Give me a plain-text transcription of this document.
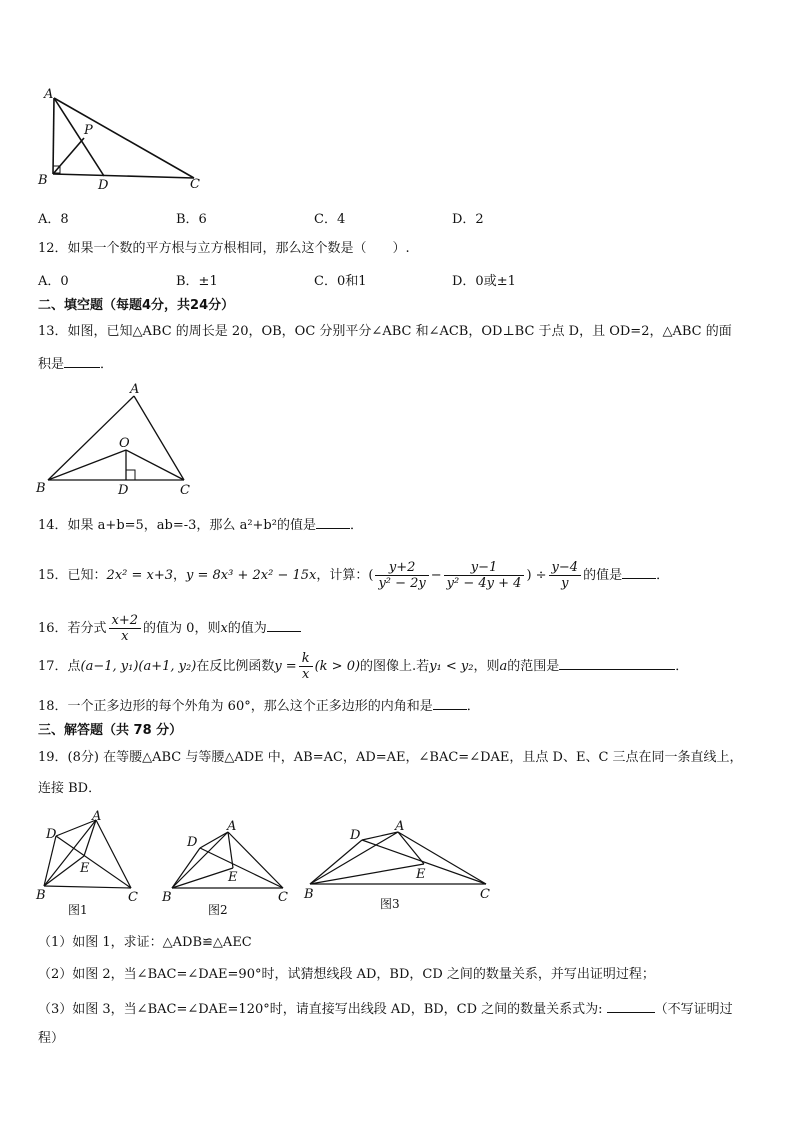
A
P
B	D	C
A．8	B．6	C．4	D．2
12．如果一个数的平方根与立方根相同，那么这个数是（　　）.
A．0	B．±1	C．0和1	D．0或±1
二、填空题（每题4分，共24分）
13．如图，已知△ABC 的周长是 20，OB，OC 分别平分∠ABC 和∠ACB，OD⊥BC 于点 D，且 OD=2，△ABC 的面
积是	．
A
O
B	D	C
14．如果 a+b=5，ab=-3，那么 a²+b²的值是	．
15．已知：2x² = x+3，y = 8x³ + 2x² − 15x，计算：( $\frac{y+2}{\text{y² − 2y}} - \frac{y-1}{\text{y² − 4y + 4}}$ ) ÷ $\frac{y-4}{y}$ 的值是	．
16．若分式 $\frac{x+2}{x}$ 的值为 0，则x的值为
17．点(a−1, y₁)(a+1, y₂)在反比例函数$y = \frac{k}{x} (k > 0)$的图像上.若y₁ < y₂，则a的范围是	．
18．一个正多边形的每个外角为 60°，那么这个正多边形的内角和是	．
三、解答题（共 78 分）
19．(8分) 在等腰△ABC 与等腰△ADE 中，AB=AC，AD=AE，∠BAC=∠DAE，且点 D、E、C 三点在同一条直线上，
连接 BD．
D
A
E
B	C
图1
D
A
E
B	C
图2
D
A
E
B	C
图3
（1）如图 1，求证：△ADB≌△AEC
（2）如图 2，当∠BAC=∠DAE=90°时，试猜想线段 AD，BD，CD 之间的数量关系，并写出证明过程；
（3）如图 3，当∠BAC=∠DAE=120°时，请直接写出线段 AD，BD，CD 之间的数量关系式为:	（不写证明过
程）
